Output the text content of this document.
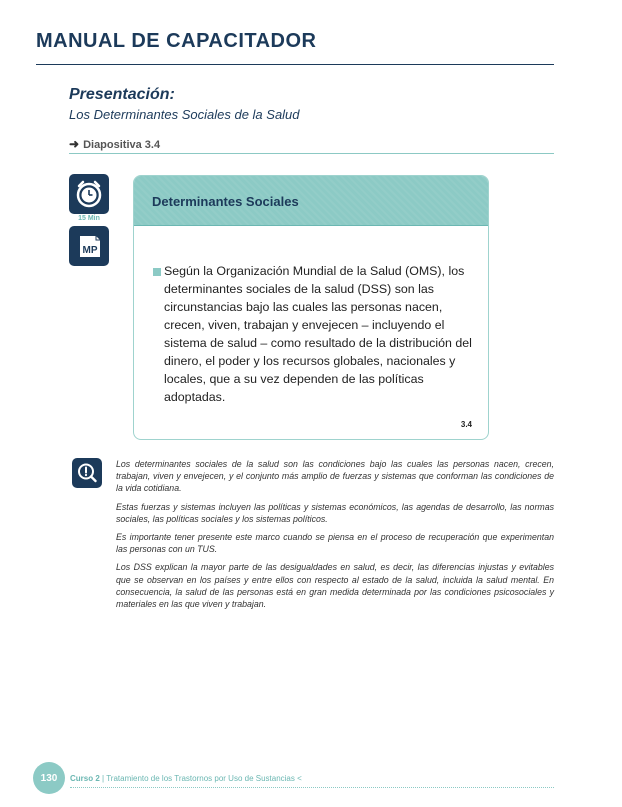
MANUAL DE CAPACITADOR
Presentación:
Los Determinantes Sociales de la Salud
➜ Diapositiva 3.4
15 Min
MP
Determinantes Sociales
Según la Organización Mundial de la Salud (OMS), los determinantes sociales de la salud (DSS) son las circunstancias bajo las cuales las personas nacen, crecen, viven, trabajan y envejecen – incluyendo el sistema de salud – como resultado de la distribución del dinero, el poder y los recursos globales, nacionales y locales, que a su vez dependen de las políticas adoptadas.
3.4

Los determinantes sociales de la salud son las condiciones bajo las cuales las personas nacen, crecen, trabajan, viven y envejecen, y el conjunto más amplio de fuerzas y sistemas que conforman las condiciones de la vida cotidiana.

Estas fuerzas y sistemas incluyen las políticas y sistemas económicos, las agendas de desarrollo, las normas sociales, las políticas sociales y los sistemas políticos.

Es importante tener presente este marco cuando se piensa en el proceso de recuperación que experimentan las personas con un TUS.

Los DSS explican la mayor parte de las desigualdades en salud, es decir, las diferencias injustas y evitables que se observan en los países y entre ellos con respecto al estado de la salud, incluida la salud mental. En consecuencia, la salud de las personas está en gran medida determinada por las condiciones psicosociales y materiales en las que viven y trabajan.

130	Curso 2 | Tratamiento de los Trastornos por Uso de Sustancias <
